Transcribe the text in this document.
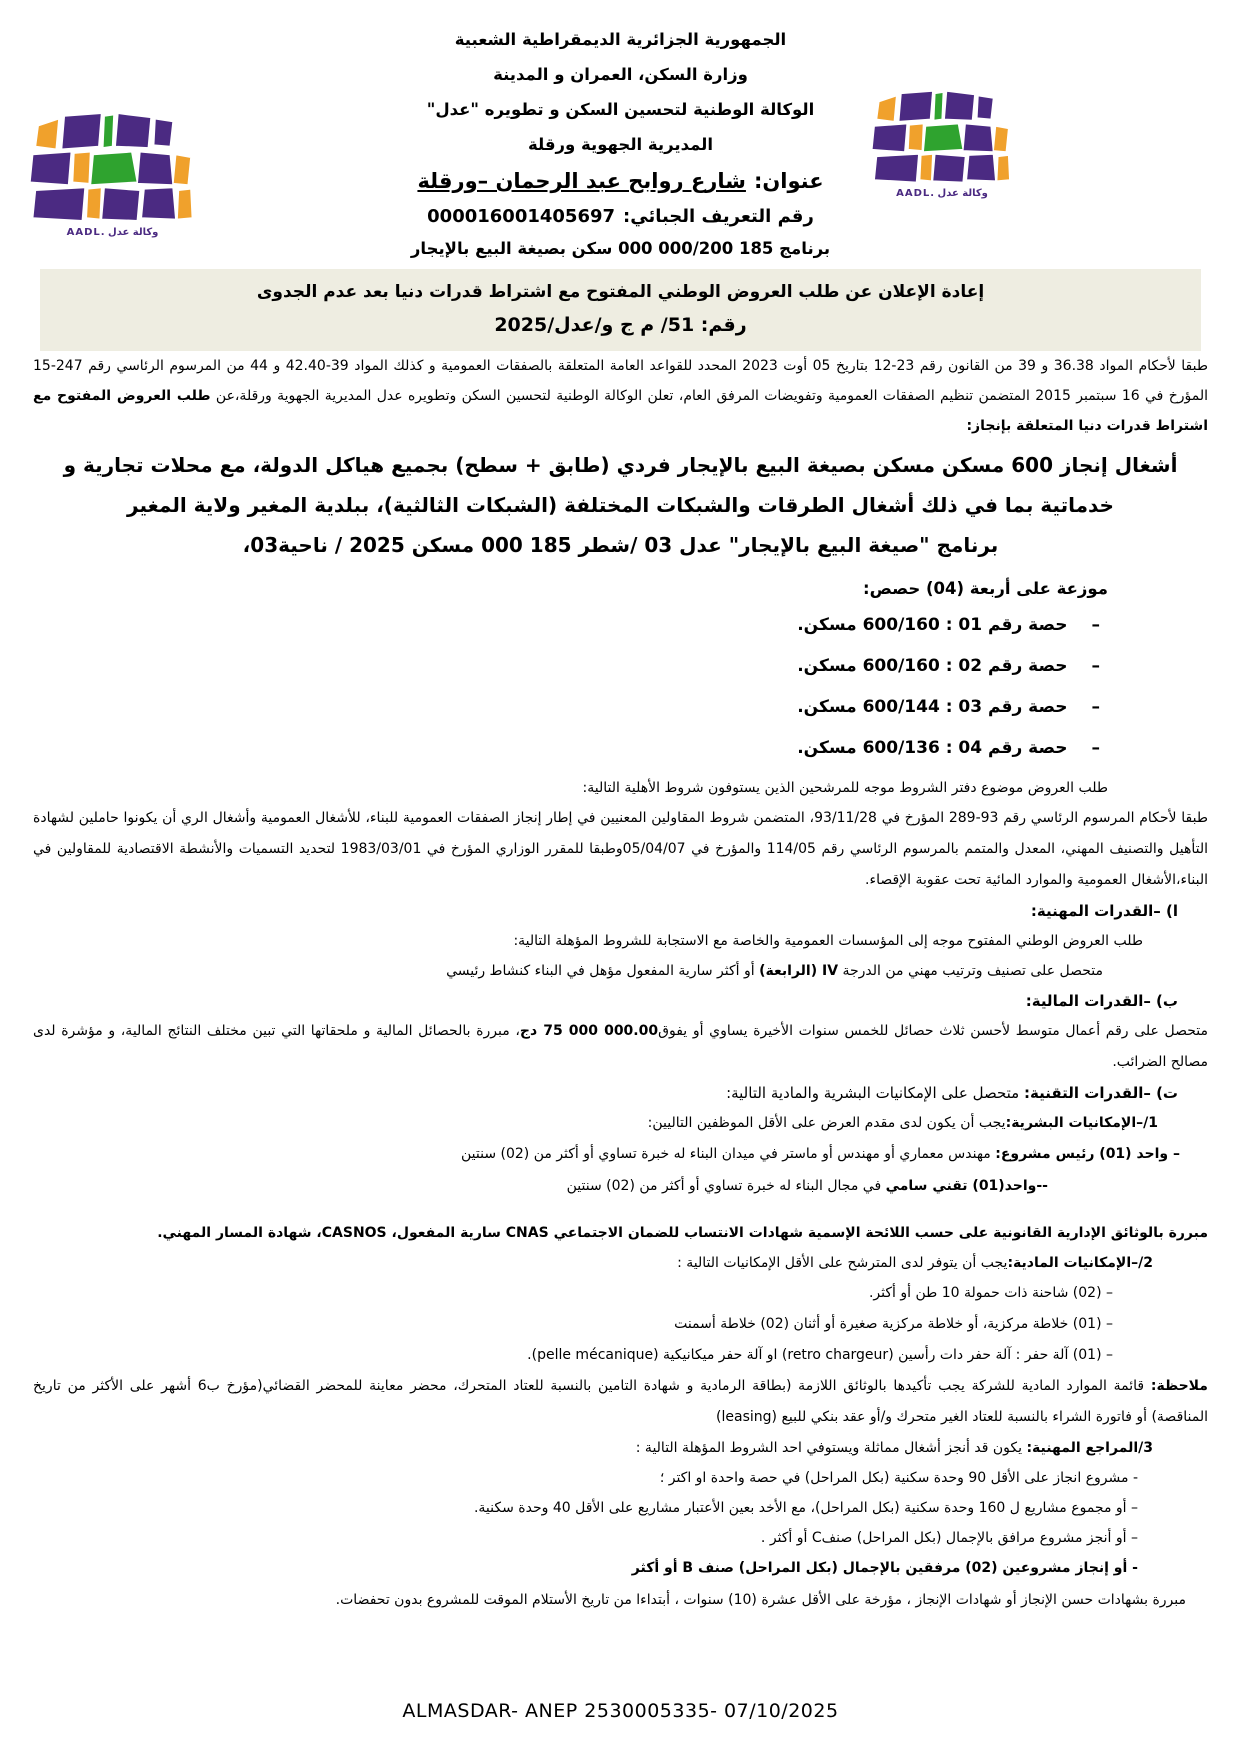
وكالة عدل .AADL
وكالة عدل .AADL
الجمهورية الجزائرية الديمقراطية الشعبية
وزارة السكن، العمران و المدينة
الوكالة الوطنية لتحسين السكن و تطويره "عدل"
المديرية الجهوية ورقلة
عنوان:شارع روابح عبد الرحمان –ورقلة
رقم التعريف الجبائي:000016001405697
برنامج 185 000/200 000 سكن بصيغة البيع بالإيجار
إعادة الإعلان عن طلب العروض الوطني المفتوح مع اشتراط قدرات دنيا بعد عدم الجدوى
رقم: 51/ م ج و/عدل/2025

طبقا لأحكام المواد 36.38 و 39 من القانون رقم 23-12 بتاريخ 05 أوت 2023 المحدد للقواعد العامة المتعلقة بالصفقات العمومية و كذلك المواد 39-42.40 و 44 من المرسوم الرئاسي رقم 247-15 المؤرخ في 16 سبتمبر 2015 المتضمن تنظيم الصفقات العمومية وتفويضات المرفق العام، تعلن الوكالة الوطنية لتحسين السكن وتطويره عدل المديرية الجهوية ورقلة،عن طلب العروض المفتوح مع اشتراط قدرات دنيا المتعلقة بإنجاز:

أشغال إنجاز 600 مسكن مسكن بصيغة البيع بالإيجار فردي (طابق + سطح) بجميع هياكل الدولة، مع محلات تجارية و
خدماتية بما في ذلك أشغال الطرقات والشبكات المختلفة (الشبكات الثالثية)، ببلدية المغير ولاية المغير
برنامج "صيغة البيع بالإيجار" عدل 03 /شطر 185 000 مسكن 2025 / ناحية03،
موزعة على أربعة (04) حصص:
–حصة رقم 01 : 600/160 مسكن.
–حصة رقم 02 : 600/160 مسكن.
–حصة رقم 03 : 600/144 مسكن.
–حصة رقم 04 : 600/136 مسكن.
طلب العروض موضوع دفتر الشروط موجه للمرشحين الذين يستوفون شروط الأهلية التالية:

طبقا لأحكام المرسوم الرئاسي رقم 93-289 المؤرخ في 93/11/28، المتضمن شروط المقاولين المعنيين في إطار إنجاز الصفقات العمومية للبناء، للأشغال العمومية وأشغال الري أن يكونوا حاملين لشهادة التأهيل والتصنيف المهني، المعدل والمتمم بالمرسوم الرئاسي رقم 114/05 والمؤرخ في 05/04/07وطبقا للمقرر الوزاري المؤرخ في 1983/03/01 لتحديد التسميات والأنشطة الاقتصادية للمقاولين في البناء،الأشغال العمومية والموارد المائية تحت عقوبة الإقصاء.

ا) –القدرات المهنية:
طلب العروض الوطني المفتوح موجه إلى المؤسسات العمومية والخاصة مع الاستجابة للشروط المؤهلة التالية:
متحصل على تصنيف وترتيب مهني من الدرجة IV (الرابعة) أو أكثر سارية المفعول مؤهل في البناء كنشاط رئيسي
ب) –القدرات المالية:

متحصل على رقم أعمال متوسط لأحسن ثلاث حصائل للخمس سنوات الأخيرة يساوي أو يفوق75 000 000.00 دج، مبررة بالحصائل المالية و ملحقاتها التي تبين مختلف النتائج المالية، و مؤشرة لدى مصالح الضرائب.

ت) –القدرات التقنية: متحصل على الإمكانيات البشرية والمادية التالية:
1/–الإمكانيات البشرية:يجب أن يكون لدى مقدم العرض على الأقل الموظفين التاليين:
– واحد (01) رئيس مشروع: مهندس معماري أو مهندس أو ماستر في ميدان البناء له خبرة تساوي أو أكثر من (02) سنتين
--واحد(01) تقني سامي في مجال البناء له خبرة تساوي أو أكثر من (02) سنتين
مبررة بالوثائق الإدارية القانونية على حسب اللائحة الإسمية شهادات الانتساب للضمان الاجتماعي CNAS سارية المفعول، CASNOS، شهادة المسار المهني.
2/–الإمكانيات المادية:يجب أن يتوفر لدى المترشح على الأقل الإمكانيات التالية :
– (02) شاحنة ذات حمولة 10 طن أو أكثر.
– (01) خلاطة مركزية، أو خلاطة مركزية صغيرة أو أثنان (02) خلاطة أسمنت
– (01) آلة حفر : آلة حفر دات رأسين (retro chargeur) او آلة حفر ميكانيكية (pelle mécanique).

ملاحظة: قائمة الموارد المادية للشركة يجب تأكيدها بالوثائق اللازمة (بطاقة الرمادية و شهادة التامين بالنسبة للعتاد المتحرك، محضر معاينة للمحضر القضائي(مؤرخ ب6 أشهر على الأكثر من تاريخ المناقصة) أو فاتورة الشراء بالنسبة للعتاد الغير متحرك و/أو عقد بنكي للبيع (leasing)

3/المراجع المهنية: يكون قد أنجز أشغال مماثلة ويستوفي احد الشروط المؤهلة التالية :
- مشروع انجاز على الأقل 90 وحدة سكنية (بكل المراحل) في حصة واحدة او اكتر ؛
– أو مجموع مشاريع ل 160 وحدة سكنية (بكل المراحل)، مع الأخد بعين الأعتبار مشاريع على الأقل 40 وحدة سكنية.
– أو أنجز مشروع مرافق بالإجمال (بكل المراحل) صنفC أو أكثر .
- أو إنجاز مشروعين (02) مرفقين بالإجمال (بكل المراحل) صنف B أو أكثر
مبررة بشهادات حسن الإنجاز أو شهادات الإنجاز ، مؤرخة على الأقل عشرة (10) سنوات ، أبتداءا من تاريخ الأستلام الموقت للمشروع بدون تحفضات.
ALMASDAR- ANEP 2530005335- 07/10/2025
